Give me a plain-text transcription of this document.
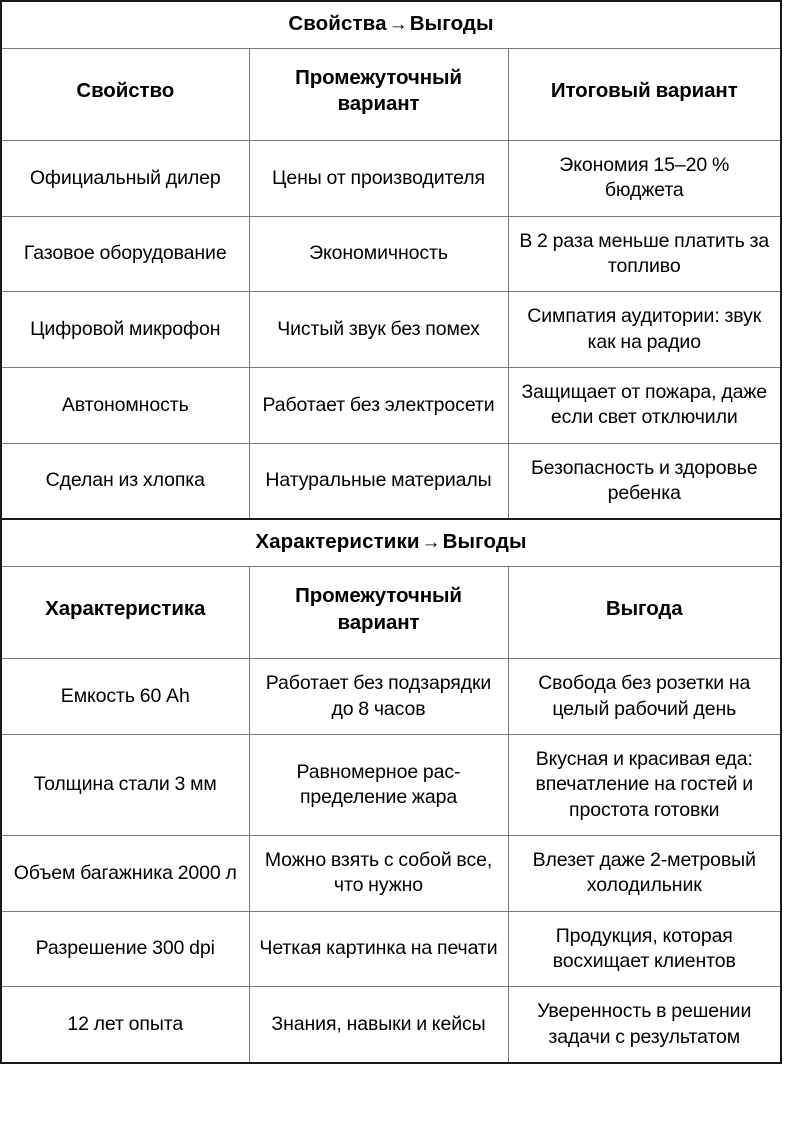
Свойства →Выгоды		
Свойство	Промежуточный вариант	Итоговый вариант
Официальный дилер	Цены от производителя	Экономия 15–20 % бюджета
Газовое оборудование	Экономичность	В 2 раза меньше платить за топливо
Цифровой микрофон	Чистый звук без помех	Симпатия аудитории: звук как на радио
Автономность	Работает без электросети	Защищает от пожара, даже если свет отключили
Сделан из хлопка	Натуральные материалы	Безопасность и здоровье ребенка
Характеристики →Выгоды		
Характеристика	Промежуточный вариант	Выгода
Емкость 60 Ah	Работает без подзарядки до 8 часов	Свобода без розетки на целый рабочий день
Толщина стали 3 мм	Равномерное распределение жара	Вкусная и красивая еда: впечатление на гостей и простота готовки
Объем багажника 2000 л	Можно взять с собой все, что нужно	Влезет даже 2-метровый холодильник
Разрешение 300 dpi	Четкая картинка на печати	Продукция, которая восхищает клиентов
12 лет опыта	Знания, навыки и кейсы	Уверенность в решении задачи с результатом
